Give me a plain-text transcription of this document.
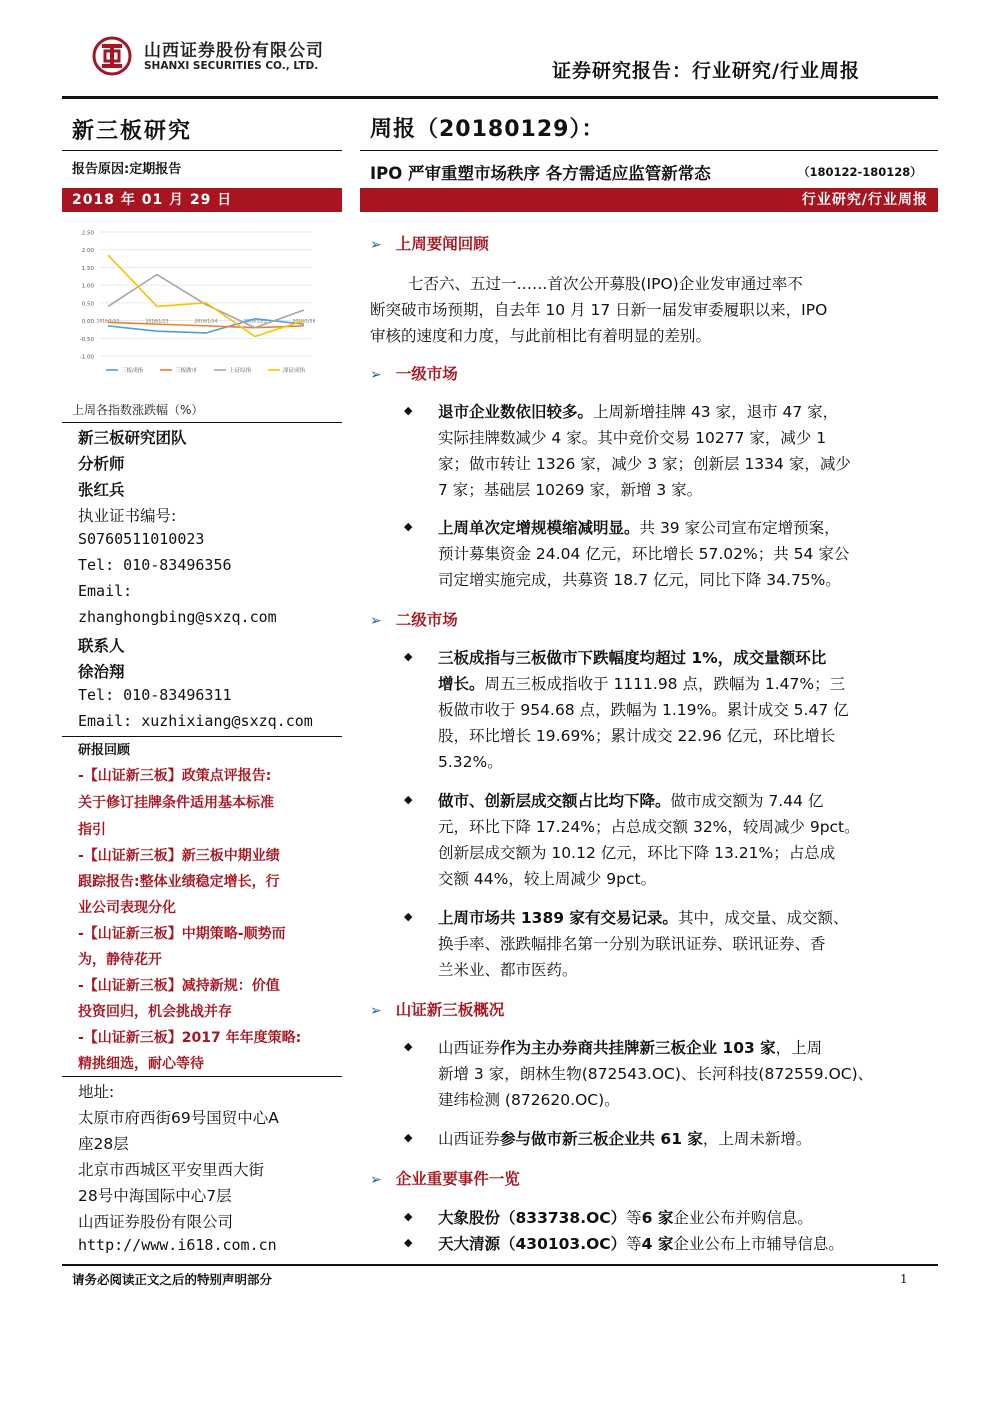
山西证券股份有限公司
SHANXI SECURITIES CO., LTD.	证券研究报告：行业研究/行业周报
新三板研究
报告原因:定期报告
2018 年 01 月 29 日
周报（20180129）：
IPO 严审重塑市场秩序 各方需适应监管新常态	（180122-180128）
行业研究/行业周报
2.50
2.00
1.50
1.00
0.50
0.00
-0.50
-1.00
2018/1/22	2018/1/23	2018/1/24	2018/1/25	2018/1/26
三板成指	三板做市	上证综指	深证成指
上周各指数涨跌幅（%）
新三板研究团队
分析师
张红兵
执业证书编号:
S0760511010023
Tel: 010-83496356
Email:
zhanghongbing@sxzq.com
联系人
徐治翔
Tel: 010-83496311
Email: xuzhixiang@sxzq.com
研报回顾
-【山证新三板】政策点评报告:
关于修订挂牌条件适用基本标准
指引
-【山证新三板】新三板中期业绩
跟踪报告:整体业绩稳定增长，行
业公司表现分化
-【山证新三板】中期策略-顺势而
为，静待花开
-【山证新三板】减持新规：价值
投资回归，机会挑战并存
-【山证新三板】2017 年年度策略:
精挑细选，耐心等待
地址:
太原市府西街69号国贸中心A
座28层
北京市西城区平安里西大街
28号中海国际中心7层
山西证券股份有限公司
http://www.i618.com.cn
➢ 上周要闻回顾
七否六、五过一……首次公开募股(IPO)企业发审通过率不
断突破市场预期，自去年 10 月 17 日新一届发审委履职以来，IPO
审核的速度和力度，与此前相比有着明显的差别。
➢ 一级市场
◆ 退市企业数依旧较多。上周新增挂牌 43 家，退市 47 家，
实际挂牌数减少 4 家。其中竞价交易 10277 家，减少 1
家；做市转让 1326 家，减少 3 家；创新层 1334 家，减少
7 家；基础层 10269 家，新增 3 家。
◆ 上周单次定增规模缩减明显。共 39 家公司宣布定增预案，
预计募集资金 24.04 亿元，环比增长 57.02%；共 54 家公
司定增实施完成，共募资 18.7 亿元，同比下降 34.75%。
➢ 二级市场
◆ 三板成指与三板做市下跌幅度均超过 1%，成交量额环比
增长。周五三板成指收于 1111.98 点，跌幅为 1.47%；三
板做市收于 954.68 点，跌幅为 1.19%。累计成交 5.47 亿
股，环比增长 19.69%；累计成交 22.96 亿元，环比增长
5.32%。
◆ 做市、创新层成交额占比均下降。做市成交额为 7.44 亿
元，环比下降 17.24%；占总成交额 32%，较周减少 9pct。
创新层成交额为 10.12 亿元，环比下降 13.21%；占总成
交额 44%，较上周减少 9pct。
◆ 上周市场共 1389 家有交易记录。其中，成交量、成交额、
换手率、涨跌幅排名第一分别为联讯证券、联讯证券、香
兰米业、都市医药。
➢ 山证新三板概况
◆ 山西证券作为主办券商共挂牌新三板企业 103 家，上周
新增 3 家，朗林生物(872543.OC)、长河科技(872559.OC)、
建纬检测 (872620.OC)。
◆ 山西证券参与做市新三板企业共 61 家，上周未新增。
➢ 企业重要事件一览
◆ 大象股份（833738.OC）等6 家企业公布并购信息。
◆ 天大清源（430103.OC）等4 家企业公布上市辅导信息。
请务必阅读正文之后的特别声明部分	1
